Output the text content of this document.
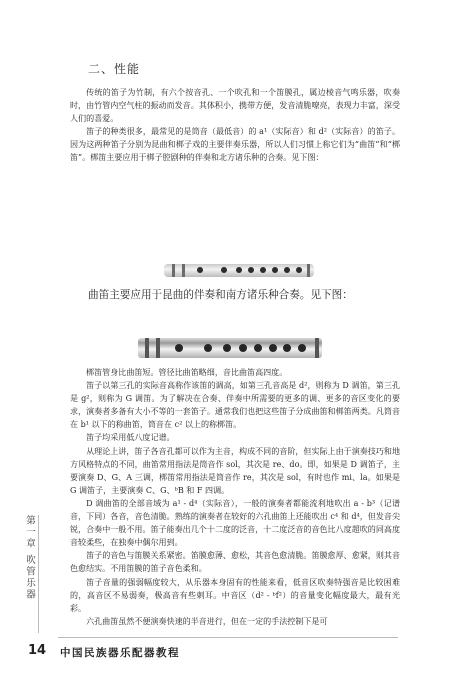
二、性能

传统的笛子为竹制，有六个按音孔、一个吹孔和一个笛膜孔，属边棱音气鸣乐器，吹奏时，由竹管内空气柱的振动而发音。其体积小，携带方便，发音清脆嘹亮，表现力丰富，深受人们的喜爱。

笛子的种类很多，最常见的是筒音（最低音）的 a¹（实际音）和 d²（实际音）的笛子。因为这两种笛子分别为昆曲和梆子戏的主要伴奏乐器，所以人们习惯上称它们为“曲笛”和“梆笛”。梆笛主要应用于梆子腔剧种的伴奏和北方诸乐种的合奏。见下图：

曲笛主要应用于昆曲的伴奏和南方诸乐种合奏。见下图：

梆笛管身比曲笛短。管径比曲笛略细，音比曲笛高四度。

笛子以第三孔的实际音高称作该笛的调高，如第三孔音高是 d²，则称为 D 调笛，第三孔是 g²，则称为 G 调笛。为了解决在合奏、伴奏中所需要的更多的调、更多的音区变化的要求，演奏者多备有大小不等的一套笛子。通常我们也把这些笛子分成曲笛和梆笛两类。凡筒音在 b¹ 以下的称曲笛，筒音在 c² 以上的称梆笛。

笛子均采用低八度记谱。

从理论上讲，笛子各音孔都可以作为主音，构成不同的音阶，但实际上由于演奏技巧和地方风格特点的不同，曲笛常用指法是筒音作 sol，其次是 re、do。即，如果是 D 调笛子，主要演奏 D、G、A 三调，梆笛常用指法是筒音作 re，其次是 sol，有时也作 mi、la。如果是 G 调笛子，主要演奏 C、G、ᵇB 和 F 四调。

第一章 吹管乐器
14 中国民族器乐配器教程

D 调曲笛的全部音域为 a¹ - d⁴（实际音），一般的演奏者都能流利地吹出 a - b³（记谱音，下同）各音，音色清脆。熟练的演奏者在较好的六孔曲笛上还能吹出 c⁴ 和 d⁴，但发音尖锐，合奏中一般不用。笛子能奏出几个十二度的泛音，十二度泛音的音色比八度超吹的同高度音较柔些，在独奏中偶尔用到。

笛子的音色与笛膜关系紧密。笛膜愈薄、愈松，其音色愈清脆。笛膜愈厚、愈紧，则其音色愈结实。不用笛膜的笛子音色柔和。

笛子音量的强弱幅度较大，从乐器本身固有的性能来看，低音区吹奏特强音是比较困难的，高音区不易弱奏，极高音有些刺耳。中音区（d² - ᵇf²）的音量变化幅度最大，最有光彩。

六孔曲笛虽然不便演奏快速的半音进行，但在一定的手法控制下是可
